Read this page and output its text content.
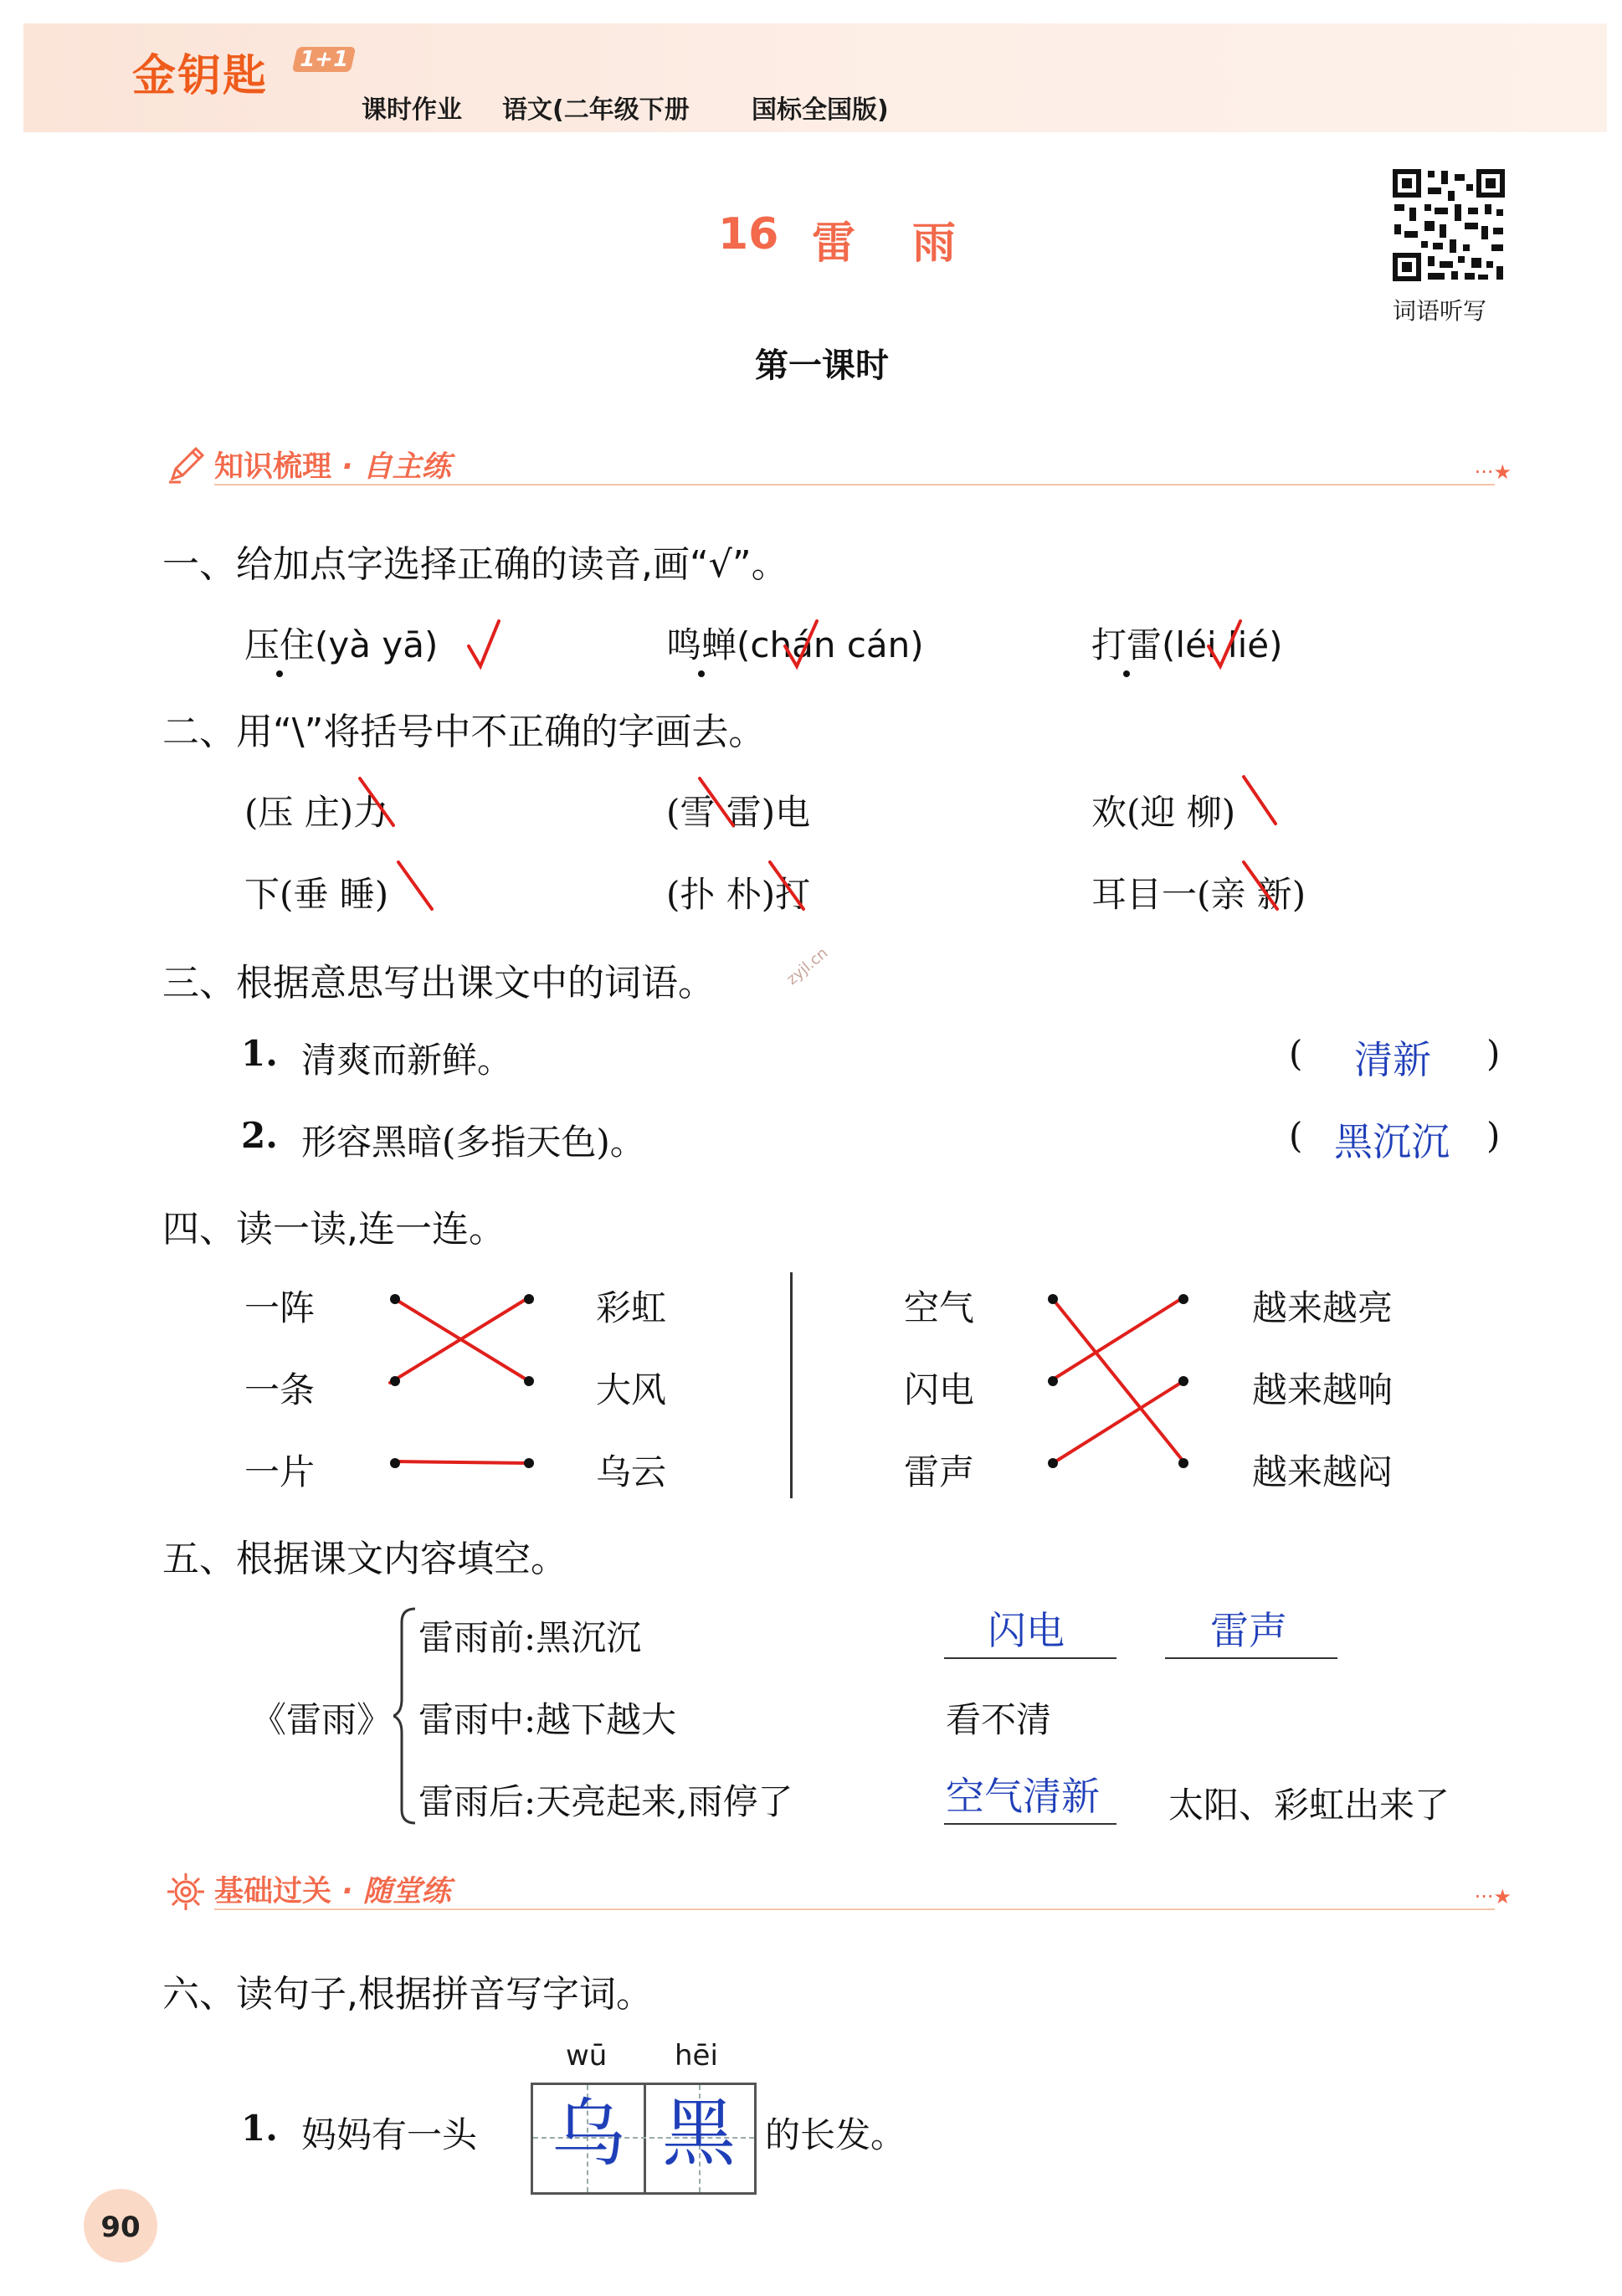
金钥匙 1+1
课时作业 语文(二年级下册 国标全国版)
16 雷 雨
第一课时
词语听写
知识梳理 · 自主练	···★
一、给加点字选择正确的读音,画“√”。
压住(yà yā)	鸣蝉(chán cán)	打雷(léi lié)
二、用“\”将括号中不正确的字画去。
(压 庄)力	(雪 雷)电	欢(迎 柳)
下(垂 睡)	(扑 朴)打	耳目一(亲 新)
三、根据意思写出课文中的词语。	zyjl.cn
1. 清爽而新鲜。	( 清新 )
2. 形容黑暗(多指天色)。	( 黑沉沉 )
四、读一读,连一连。
一阵
一条
一片
彩虹
大风
乌云
空气
闪电
雷声
越来越亮
越来越响
越来越闷
五、根据课文内容填空。
《雷雨》
雷雨前:黑沉沉
雷雨中:越下越大
雷雨后:天亮起来,雨停了
闪电	雷声
看不清
空气清新 太阳、彩虹出来了
基础过关 · 随堂练	···★
六、读句子,根据拼音写字词。
wū hēi
1. 妈妈有一头 乌 黑 的长发。
90
